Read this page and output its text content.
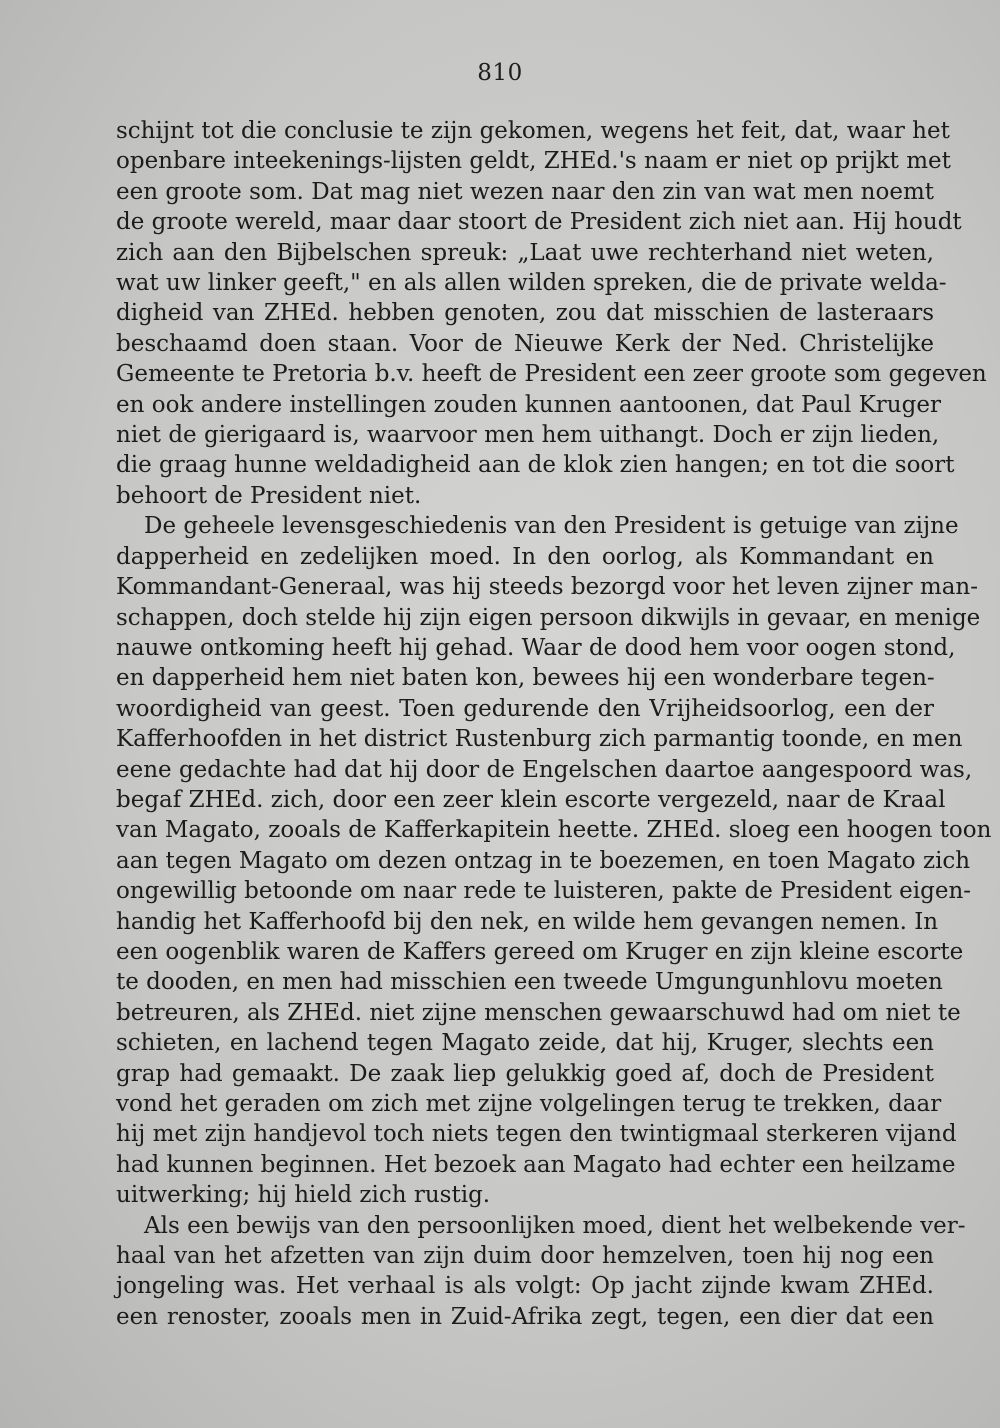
810

schijnt tot die conclusie te zijn gekomen, wegens het feit, dat, waar het

openbare inteekenings-lijsten geldt, ZHEd.'s naam er niet op prijkt met

een groote som. Dat mag niet wezen naar den zin van wat men noemt

de groote wereld, maar daar stoort de President zich niet aan. Hij houdt

zich aan den Bijbelschen spreuk: „Laat uwe rechterhand niet weten,

wat uw linker geeft," en als allen wilden spreken, die de private welda-

digheid van ZHEd. hebben genoten, zou dat misschien de lasteraars

beschaamd doen staan. Voor de Nieuwe Kerk der Ned. Christelijke

Gemeente te Pretoria b.v. heeft de President een zeer groote som gegeven

en ook andere instellingen zouden kunnen aantoonen, dat Paul Kruger

niet de gierigaard is, waarvoor men hem uithangt. Doch er zijn lieden,

die graag hunne weldadigheid aan de klok zien hangen; en tot die soort

behoort de President niet.

De geheele levensgeschiedenis van den President is getuige van zijne

dapperheid en zedelijken moed. In den oorlog, als Kommandant en

Kommandant-Generaal, was hij steeds bezorgd voor het leven zijner man-

schappen, doch stelde hij zijn eigen persoon dikwijls in gevaar, en menige

nauwe ontkoming heeft hij gehad. Waar de dood hem voor oogen stond,

en dapperheid hem niet baten kon, bewees hij een wonderbare tegen-

woordigheid van geest. Toen gedurende den Vrijheidsoorlog, een der

Kafferhoofden in het district Rustenburg zich parmantig toonde, en men

eene gedachte had dat hij door de Engelschen daartoe aangespoord was,

begaf ZHEd. zich, door een zeer klein escorte vergezeld, naar de Kraal

van Magato, zooals de Kafferkapitein heette. ZHEd. sloeg een hoogen toon

aan tegen Magato om dezen ontzag in te boezemen, en toen Magato zich

ongewillig betoonde om naar rede te luisteren, pakte de President eigen-

handig het Kafferhoofd bij den nek, en wilde hem gevangen nemen. In

een oogenblik waren de Kaffers gereed om Kruger en zijn kleine escorte

te dooden, en men had misschien een tweede Umgungunhlovu moeten

betreuren, als ZHEd. niet zijne menschen gewaarschuwd had om niet te

schieten, en lachend tegen Magato zeide, dat hij, Kruger, slechts een

grap had gemaakt. De zaak liep gelukkig goed af, doch de President

vond het geraden om zich met zijne volgelingen terug te trekken, daar

hij met zijn handjevol toch niets tegen den twintigmaal sterkeren vijand

had kunnen beginnen. Het bezoek aan Magato had echter een heilzame

uitwerking; hij hield zich rustig.

Als een bewijs van den persoonlijken moed, dient het welbekende ver-

haal van het afzetten van zijn duim door hemzelven, toen hij nog een

jongeling was. Het verhaal is als volgt: Op jacht zijnde kwam ZHEd.

een renoster, zooals men in Zuid-Afrika zegt, tegen, een dier dat een
